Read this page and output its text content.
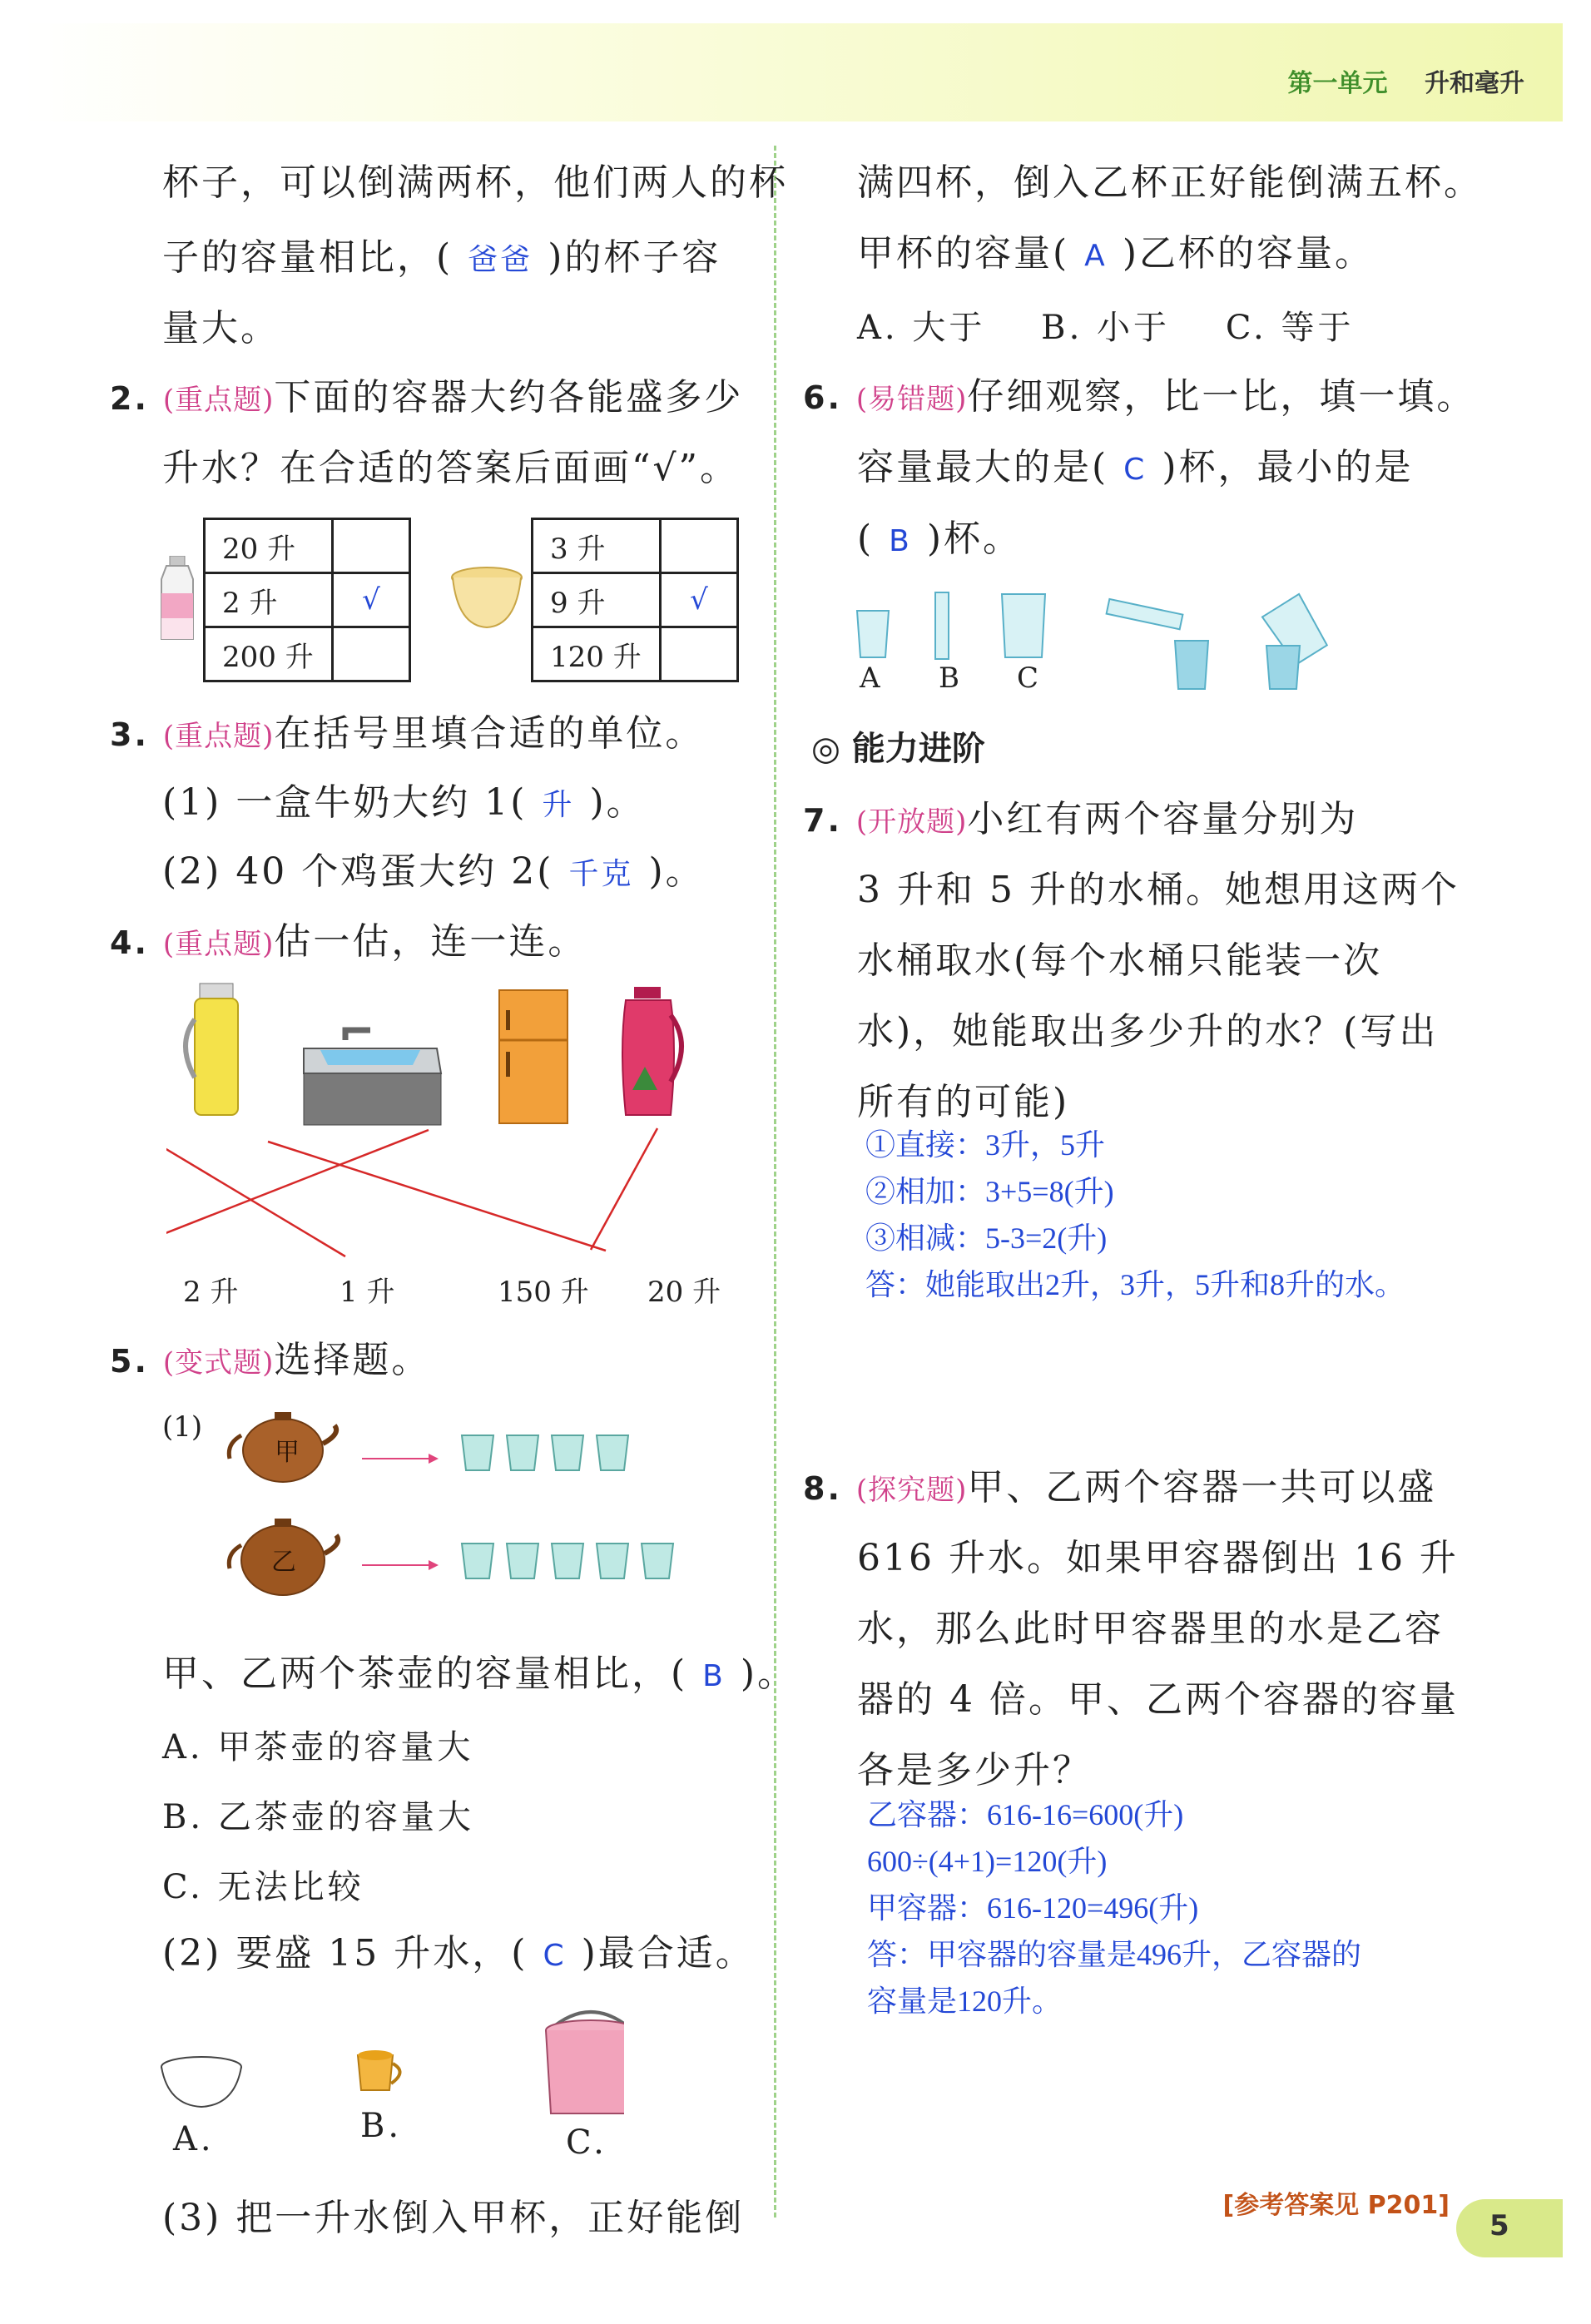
第一单元 升和毫升
杯子，可以倒满两杯，他们两人的杯
子的容量相比，( 爸爸 )的杯子容
量大。
2. (重点题)下面的容器大约各能盛多少
升水？在合适的答案后面画“√”。
20 升	
2 升	√
200 升	
3 升	
9 升	√
120 升	
3. (重点题)在括号里填合适的单位。
(1) 一盒牛奶大约 1( 升 )。
(2) 40 个鸡蛋大约 2( 千克 )。
4. (重点题)估一估，连一连。
2 升	1 升	150 升 20 升
5. (变式题)选择题。
(1)
甲
乙
甲、乙两个茶壶的容量相比，( B )。
A. 甲茶壶的容量大
B. 乙茶壶的容量大
C. 无法比较
(2) 要盛 15 升水，( C )最合适。
A.	B.	C.
(3) 把一升水倒入甲杯，正好能倒
满四杯，倒入乙杯正好能倒满五杯。
甲杯的容量( A )乙杯的容量。
A. 大于    B. 小于    C. 等于
6. (易错题)仔细观察，比一比，填一填。
容量最大的是( C )杯，最小的是
( B )杯。
A B C
◎ 能力进阶
7. (开放题)小红有两个容量分别为
3 升和 5 升的水桶。她想用这两个
水桶取水(每个水桶只能装一次
水)，她能取出多少升的水？(写出
所有的可能)
①直接：3升，5升
②相加：3+5=8(升)
③相减：5-3=2(升)
答：她能取出2升，3升，5升和8升的水。
8. (探究题)甲、乙两个容器一共可以盛
616 升水。如果甲容器倒出 16 升
水，那么此时甲容器里的水是乙容
器的 4 倍。甲、乙两个容器的容量
各是多少升？
乙容器：616-16=600(升)
600÷(4+1)=120(升)
甲容器：616-120=496(升)
答：甲容器的容量是496升，乙容器的
容量是120升。
[参考答案见 P201]
5
